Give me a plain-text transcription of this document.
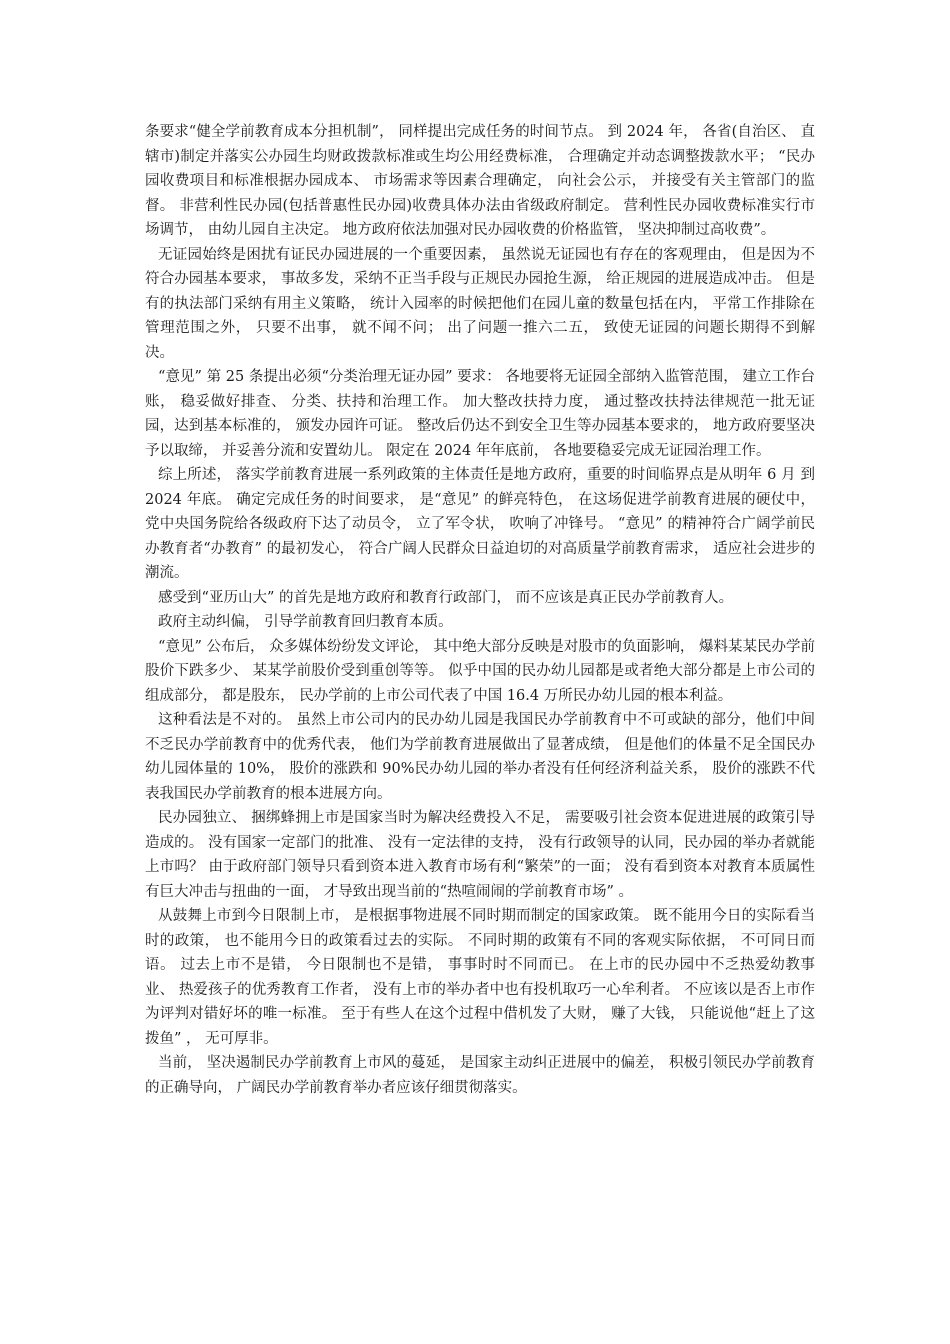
条要求“健全学前教育成本分担机制”， 同样提出完成任务的时间节点。 到 2024 年， 各省(自治区、 直辖市)制定并落实公办园生均财政拨款标准或生均公用经费标准， 合理确定并动态调整拨款水平； “民办园收费项目和标准根据办园成本、 市场需求等因素合理确定， 向社会公示， 并接受有关主管部门的监督。 非营利性民办园(包括普惠性民办园)收费具体办法由省级政府制定。 营利性民办园收费标准实行市场调节， 由幼儿园自主决定。 地方政府依法加强对民办园收费的价格监管， 坚决抑制过高收费”。

无证园始终是困扰有证民办园进展的一个重要因素， 虽然说无证园也有存在的客观理由， 但是因为不符合办园基本要求， 事故多发，采纳不正当手段与正规民办园抢生源， 给正规园的进展造成冲击。 但是有的执法部门采纳有用主义策略， 统计入园率的时候把他们在园儿童的数量包括在内， 平常工作排除在管理范围之外， 只要不出事， 就不闻不问； 出了问题一推六二五， 致使无证园的问题长期得不到解决。

“意见” 第 25 条提出必须“分类治理无证办园” 要求： 各地要将无证园全部纳入监管范围， 建立工作台账， 稳妥做好排查、 分类、扶持和治理工作。 加大整改扶持力度， 通过整改扶持法律规范一批无证园，达到基本标准的， 颁发办园许可证。 整改后仍达不到安全卫生等办园基本要求的， 地方政府要坚决予以取缔， 并妥善分流和安置幼儿。 限定在 2024 年年底前， 各地要稳妥完成无证园治理工作。

综上所述， 落实学前教育进展一系列政策的主体责任是地方政府，重要的时间临界点是从明年 6 月 到 2024 年底。 确定完成任务的时间要求， 是“意见” 的鲜亮特色， 在这场促进学前教育进展的硬仗中， 党中央国务院给各级政府下达了动员令， 立了军令状， 吹响了冲锋号。 “意见” 的精神符合广阔学前民办教育者“办教育” 的最初发心， 符合广阔人民群众日益迫切的对高质量学前教育需求， 适应社会进步的潮流。

感受到“亚历山大” 的首先是地方政府和教育行政部门， 而不应该是真正民办学前教育人。

政府主动纠偏， 引导学前教育回归教育本质。

“意见” 公布后， 众多媒体纷纷发文评论， 其中绝大部分反映是对股市的负面影响， 爆料某某民办学前股价下跌多少、 某某学前股价受到重创等等。 似乎中国的民办幼儿园都是或者绝大部分都是上市公司的组成部分， 都是股东， 民办学前的上市公司代表了中国 16.4 万所民办幼儿园的根本利益。

这种看法是不对的。 虽然上市公司内的民办幼儿园是我国民办学前教育中不可或缺的部分，他们中间不乏民办学前教育中的优秀代表， 他们为学前教育进展做出了显著成绩， 但是他们的体量不足全国民办幼儿园体量的 10%， 股价的涨跌和 90%民办幼儿园的举办者没有任何经济利益关系， 股价的涨跌不代表我国民办学前教育的根本进展方向。

民办园独立、 捆绑蜂拥上市是国家当时为解决经费投入不足， 需要吸引社会资本促进进展的政策引导造成的。 没有国家一定部门的批准、 没有一定法律的支持， 没有行政领导的认同，民办园的举办者就能上市吗？ 由于政府部门领导只看到资本进入教育市场有利“繁荣”的一面； 没有看到资本对教育本质属性有巨大冲击与扭曲的一面， 才导致出现当前的“热喧闹闹的学前教育市场” 。

从鼓舞上市到今日限制上市， 是根据事物进展不同时期而制定的国家政策。 既不能用今日的实际看当时的政策， 也不能用今日的政策看过去的实际。 不同时期的政策有不同的客观实际依据， 不可同日而语。 过去上市不是错， 今日限制也不是错， 事事时时不同而已。 在上市的民办园中不乏热爱幼教事业、 热爱孩子的优秀教育工作者， 没有上市的举办者中也有投机取巧一心牟利者。 不应该以是否上市作为评判对错好坏的唯一标准。 至于有些人在这个过程中借机发了大财， 赚了大钱， 只能说他“赶上了这拨鱼” ， 无可厚非。

当前， 坚决遏制民办学前教育上市风的蔓延， 是国家主动纠正进展中的偏差， 积极引领民办学前教育的正确导向， 广阔民办学前教育举办者应该仔细贯彻落实。
